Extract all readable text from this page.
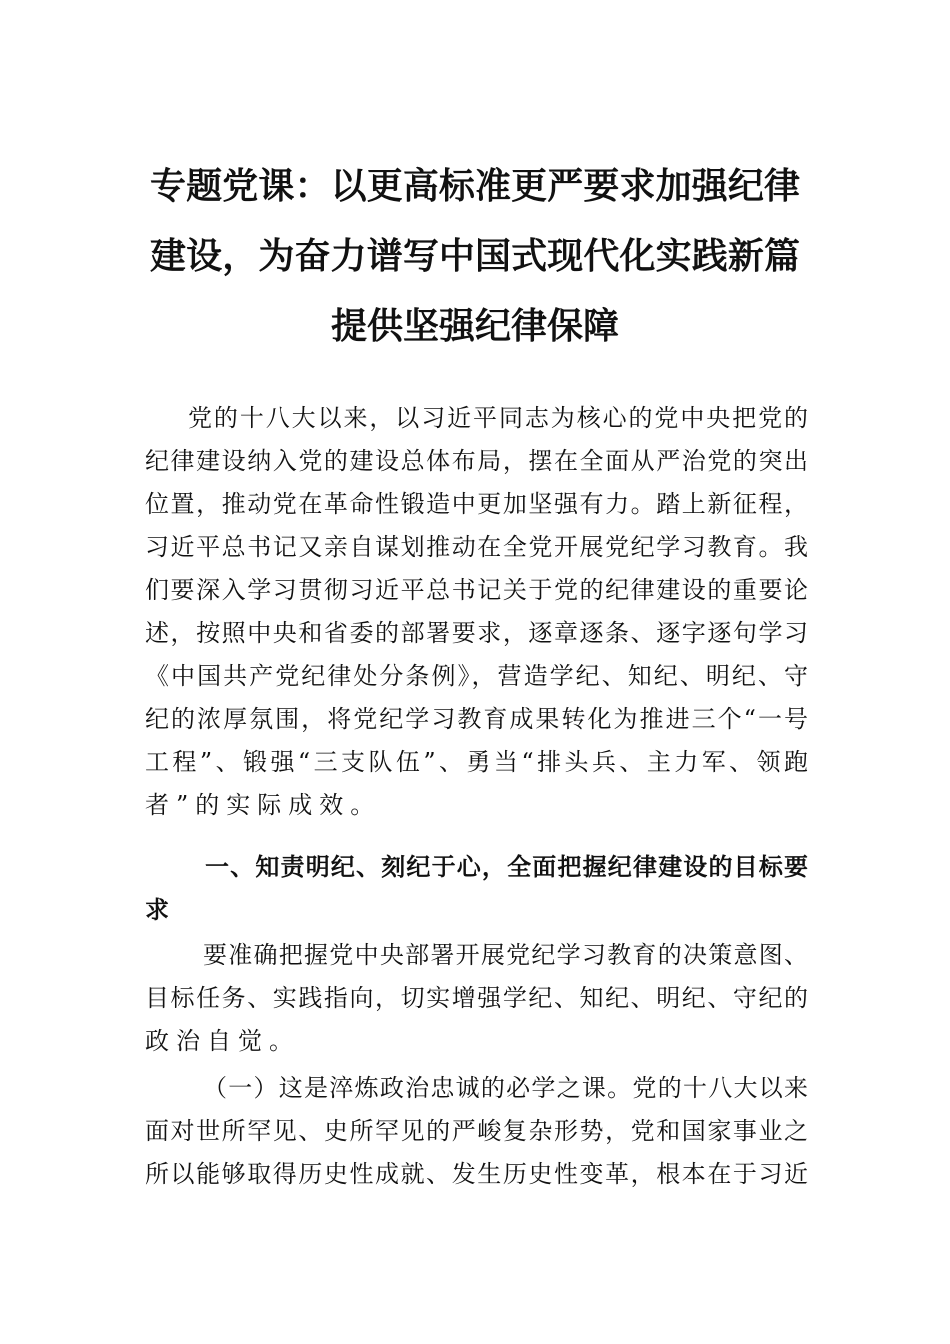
专题党课：以更高标准更严要求加强纪律
建设，为奋力谱写中国式现代化实践新篇
提供坚强纪律保障
党的十八大以来，以习近平同志为核心的党中央把党的
纪律建设纳入党的建设总体布局，摆在全面从严治党的突出
位置，推动党在革命性锻造中更加坚强有力。踏上新征程，
习近平总书记又亲自谋划推动在全党开展党纪学习教育。我
们要深入学习贯彻习近平总书记关于党的纪律建设的重要论
述，按照中央和省委的部署要求，逐章逐条、逐字逐句学习
《中国共产党纪律处分条例》，营造学纪、知纪、明纪、守
纪的浓厚氛围，将党纪学习教育成果转化为推进三个“一号
工程”、锻强“三支队伍”、勇当“排头兵、主力军、领跑
者”的实际成效。
一、知责明纪、刻纪于心，全面把握纪律建设的目标要
求
要准确把握党中央部署开展党纪学习教育的决策意图、
目标任务、实践指向，切实增强学纪、知纪、明纪、守纪的
政治自觉。
（一）这是淬炼政治忠诚的必学之课。党的十八大以来
面对世所罕见、史所罕见的严峻复杂形势，党和国家事业之
所以能够取得历史性成就、发生历史性变革，根本在于习近
